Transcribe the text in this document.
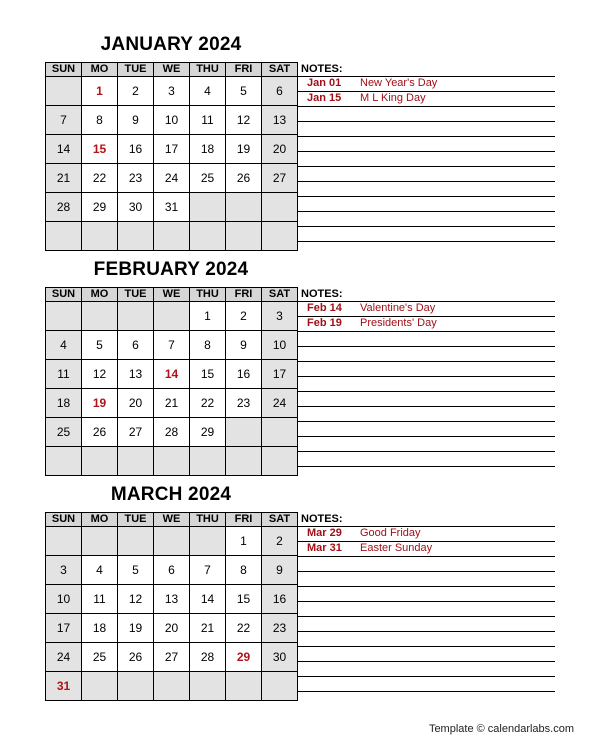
JANUARY 2024
SUN	MO	TUE	WE	THU	FRI	SAT
	1	2	3	4	5	6
7	8	9	10	11	12	13
14	15	16	17	18	19	20
21	22	23	24	25	26	27
28	29	30	31			

NOTES:
Jan 01 New Year's Day
Jan 15 M L King Day
FEBRUARY 2024
SUN	MO	TUE	WE	THU	FRI	SAT
				1	2	3
4	5	6	7	8	9	10
11	12	13	14	15	16	17
18	19	20	21	22	23	24
25	26	27	28	29		

NOTES:
Feb 14 Valentine's Day
Feb 19 Presidents' Day
MARCH 2024
SUN	MO	TUE	WE	THU	FRI	SAT
					1	2
3	4	5	6	7	8	9
10	11	12	13	14	15	16
17	18	19	20	21	22	23
24	25	26	27	28	29	30
31						
NOTES:
Mar 29 Good Friday
Mar 31 Easter Sunday
Template © calendarlabs.com
